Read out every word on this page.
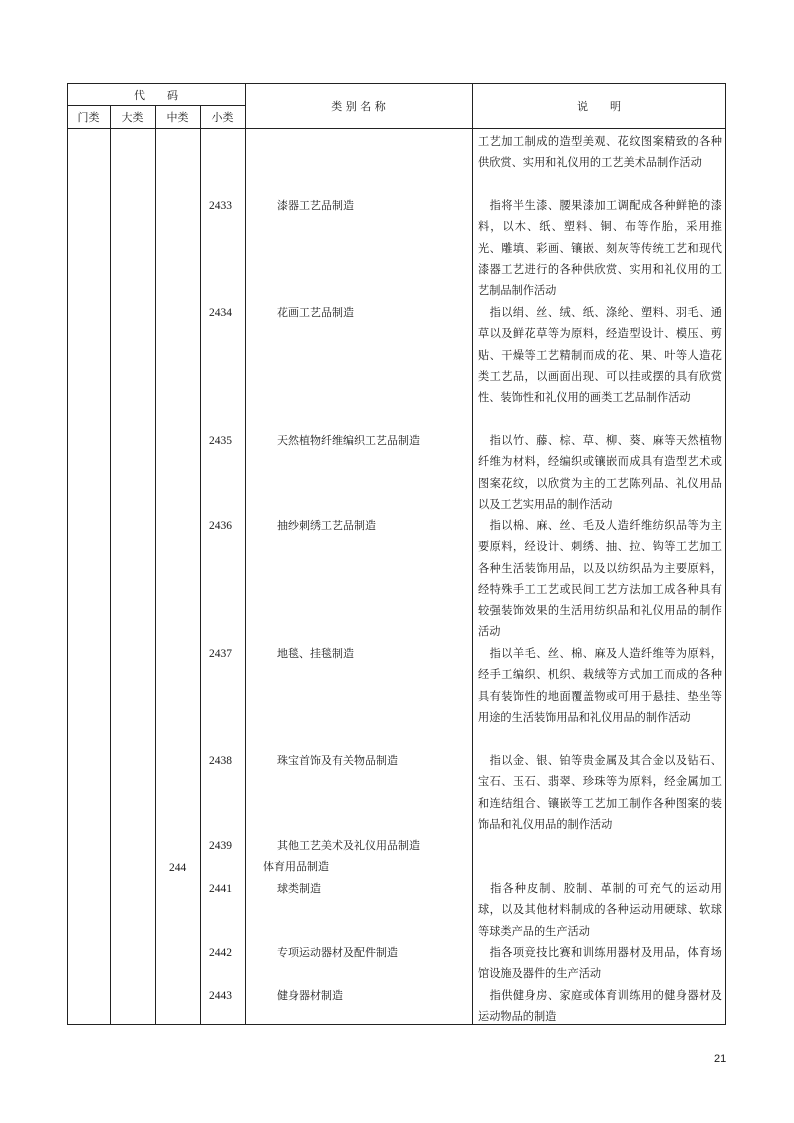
代　　码
门类	大类	中类	小类
类 别 名 称	说　　明
工艺加工制成的造型美观、花纹图案精致的各种供欣赏、实用和礼仪用的工艺美术品制作活动
2433	漆器工艺品制造	　指将半生漆、腰果漆加工调配成各种鲜艳的漆料，以木、纸、塑料、铜、布等作胎，采用推光、雕填、彩画、镶嵌、刻灰等传统工艺和现代漆器工艺进行的各种供欣赏、实用和礼仪用的工艺制品制作活动
2434	花画工艺品制造	　指以绢、丝、绒、纸、涤纶、塑料、羽毛、通草以及鲜花草等为原料，经造型设计、模压、剪贴、干燥等工艺精制而成的花、果、叶等人造花类工艺品，以画面出现、可以挂或摆的具有欣赏性、装饰性和礼仪用的画类工艺品制作活动
2435	天然植物纤维编织工艺品制造	　指以竹、藤、棕、草、柳、葵、麻等天然植物纤维为材料，经编织或镶嵌而成具有造型艺术或图案花纹，以欣赏为主的工艺陈列品、礼仪用品以及工艺实用品的制作活动
2436	抽纱刺绣工艺品制造	　指以棉、麻、丝、毛及人造纤维纺织品等为主要原料，经设计、刺绣、抽、拉、钩等工艺加工各种生活装饰用品，以及以纺织品为主要原料，经特殊手工工艺或民间工艺方法加工成各种具有较强装饰效果的生活用纺织品和礼仪用品的制作活动
2437	地毯、挂毯制造	　指以羊毛、丝、棉、麻及人造纤维等为原料，经手工编织、机织、栽绒等方式加工而成的各种具有装饰性的地面覆盖物或可用于悬挂、垫坐等用途的生活装饰用品和礼仪用品的制作活动
2438	珠宝首饰及有关物品制造	　指以金、银、铂等贵金属及其合金以及钻石、宝石、玉石、翡翠、珍珠等为原料，经金属加工和连结组合、镶嵌等工艺加工制作各种图案的装饰品和礼仪用品的制作活动
2439	其他工艺美术及礼仪用品制造
244	体育用品制造
2441	球类制造	　指各种皮制、胶制、革制的可充气的运动用球，以及其他材料制成的各种运动用硬球、软球等球类产品的生产活动
2442	专项运动器材及配件制造	　指各项竞技比赛和训练用器材及用品，体育场馆设施及器件的生产活动
2443	健身器材制造	　指供健身房、家庭或体育训练用的健身器材及运动物品的制造
21
